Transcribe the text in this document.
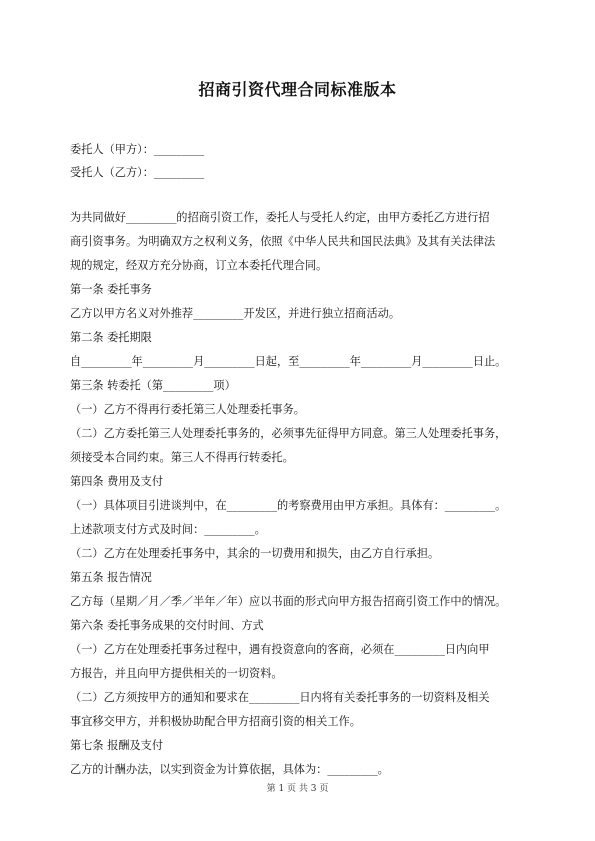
招商引资代理合同标准版本
委托人（甲方）：_________
受托人（乙方）：_________
为共同做好_________的招商引资工作，委托人与受托人约定，由甲方委托乙方进行招
商引资事务。为明确双方之权利义务，依照《中华人民共和国民法典》及其有关法律法
规的规定，经双方充分协商，订立本委托代理合同。
第一条 委托事务
乙方以甲方名义对外推荐_________开发区，并进行独立招商活动。
第二条 委托期限
自_________年_________月_________日起，至_________年_________月_________日止。
第三条 转委托（第_________项）
（一）乙方不得再行委托第三人处理委托事务。
（二）乙方委托第三人处理委托事务的，必须事先征得甲方同意。第三人处理委托事务，
须接受本合同约束。第三人不得再行转委托。
第四条 费用及支付
（一）具体项目引进谈判中，在_________的考察费用由甲方承担。具体有：_________。
上述款项支付方式及时间：_________。
（二）乙方在处理委托事务中，其余的一切费用和损失，由乙方自行承担。
第五条 报告情况
乙方每（星期／月／季／半年／年）应以书面的形式向甲方报告招商引资工作中的情况。
第六条 委托事务成果的交付时间、方式
（一）乙方在处理委托事务过程中，遇有投资意向的客商，必须在_________日内向甲
方报告，并且向甲方提供相关的一切资料。
（二）乙方须按甲方的通知和要求在_________日内将有关委托事务的一切资料及相关
事宜移交甲方，并积极协助配合甲方招商引资的相关工作。
第七条 报酬及支付
乙方的计酬办法，以实到资金为计算依据，具体为：_________。
第 1 页 共 3 页
